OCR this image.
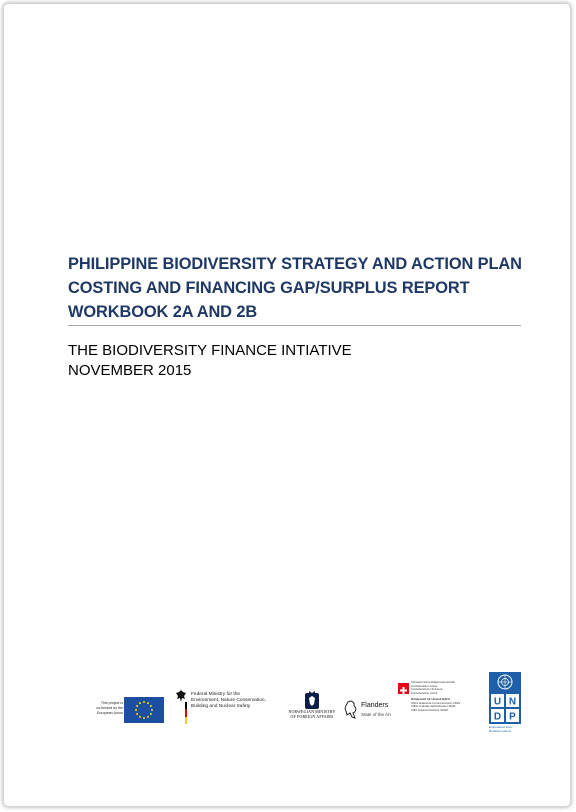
PHILIPPINE BIODIVERSITY STRATEGY AND ACTION PLAN
COSTING AND FINANCING GAP/SURPLUS REPORT
WORKBOOK 2A AND 2B
THE BIODIVERSITY FINANCE INTIATIVE
NOVEMBER 2015
This project is
co-funded by the
European Union
Federal Ministry for the
Environment, Nature Conservation,
Building and Nuclear Safety
NORWEGIAN MINISTRY
OF FOREIGN AFFAIRS
Flanders
State of the Art
Schweizerische Eidgenossenschaft
Confédération suisse
Confederazione Svizzera
Confederaziun svizra
Bundesamt für Umwelt BAFU
Office fédéral de l'environnement OFEV
Ufficio federale dell'ambiente UFAM
Uffizi federal d'ambient UFAM
U N
D P
Empowered lives.
Resilient nations.
